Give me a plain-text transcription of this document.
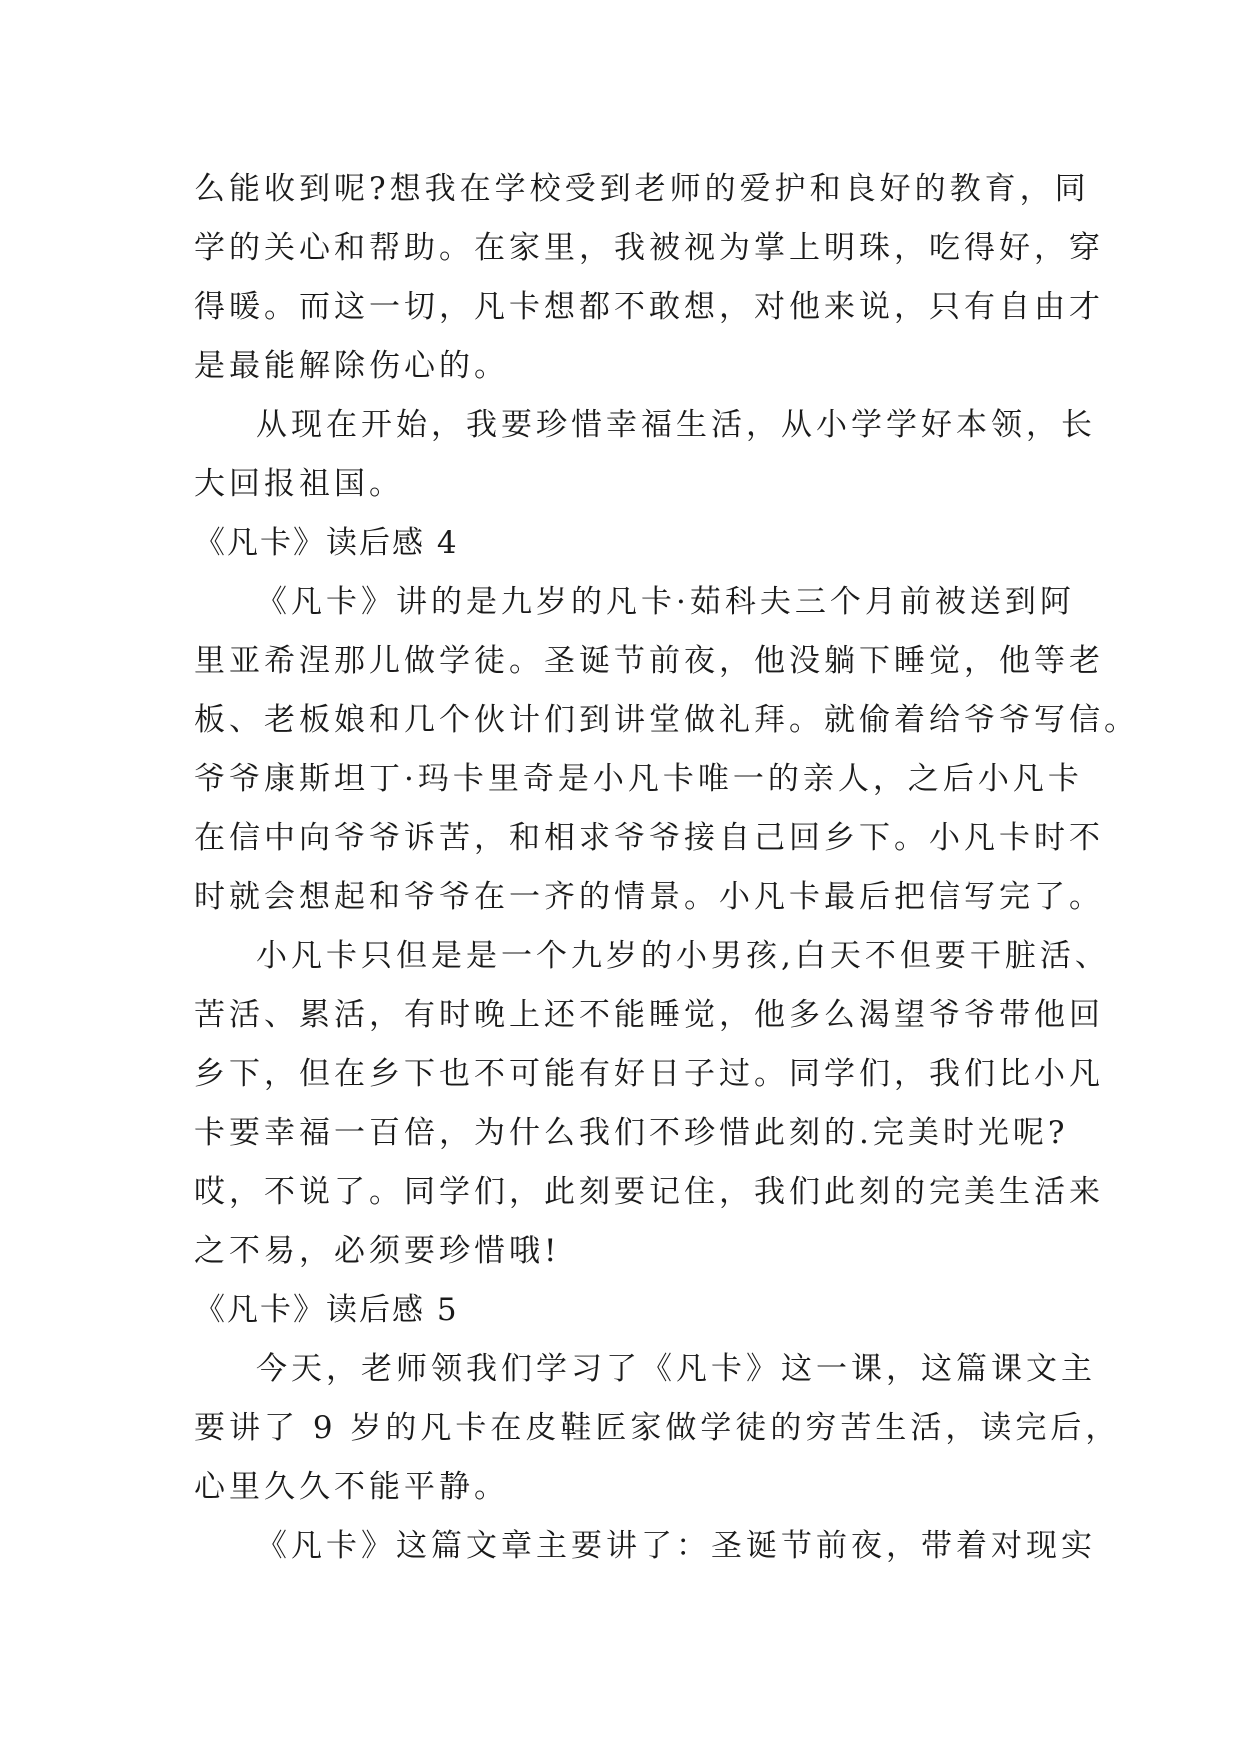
么能收到呢?想我在学校受到老师的爱护和良好的教育，同
学的关心和帮助。在家里，我被视为掌上明珠，吃得好，穿
得暖。而这一切，凡卡想都不敢想，对他来说，只有自由才
是最能解除伤心的。
从现在开始，我要珍惜幸福生活，从小学学好本领，长
大回报祖国。
《凡卡》读后感 4
《凡卡》讲的是九岁的凡卡·茹科夫三个月前被送到阿
里亚希涅那儿做学徒。圣诞节前夜，他没躺下睡觉，他等老
板、老板娘和几个伙计们到讲堂做礼拜。就偷着给爷爷写信。
爷爷康斯坦丁·玛卡里奇是小凡卡唯一的亲人，之后小凡卡
在信中向爷爷诉苦，和相求爷爷接自己回乡下。小凡卡时不
时就会想起和爷爷在一齐的情景。小凡卡最后把信写完了。
小凡卡只但是是一个九岁的小男孩,白天不但要干脏活、
苦活、累活，有时晚上还不能睡觉，他多么渴望爷爷带他回
乡下，但在乡下也不可能有好日子过。同学们，我们比小凡
卡要幸福一百倍，为什么我们不珍惜此刻的.完美时光呢?
哎，不说了。同学们，此刻要记住，我们此刻的完美生活来
之不易，必须要珍惜哦!
《凡卡》读后感 5
今天，老师领我们学习了《凡卡》这一课，这篇课文主
要讲了 9 岁的凡卡在皮鞋匠家做学徒的穷苦生活，读完后，
心里久久不能平静。
《凡卡》这篇文章主要讲了：圣诞节前夜，带着对现实
